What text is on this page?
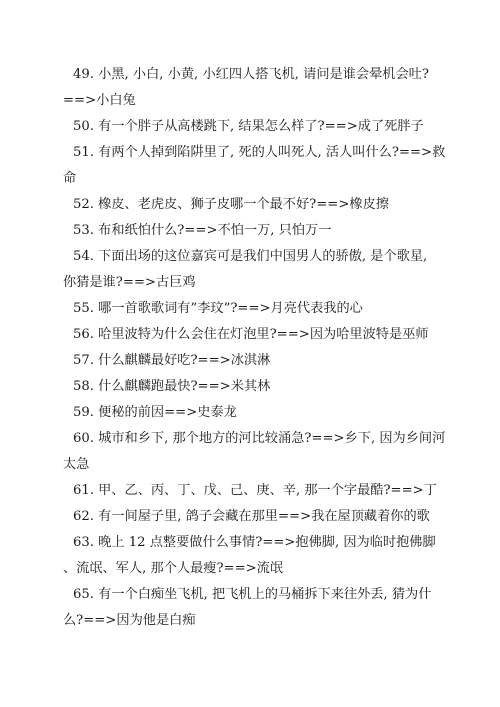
49. 小黑, 小白, 小黄, 小红四人搭飞机, 请问是谁会晕机会吐?
==>小白兔
50. 有一个胖子从高楼跳下, 结果怎么样了?==>成了死胖子
51. 有两个人掉到陷阱里了, 死的人叫死人, 活人叫什么?==>救
命
52. 橡皮、老虎皮、狮子皮哪一个最不好?==>橡皮擦
53. 布和纸怕什么?==>不怕一万, 只怕万一
54. 下面出场的这位嘉宾可是我们中国男人的骄傲, 是个歌星,
你猜是谁?==>古巨鸡
55. 哪一首歌歌词有”李玟”?==>月亮代表我的心
56. 哈里波特为什么会住在灯泡里?==>因为哈里波特是巫师
57. 什么麒麟最好吃?==>冰淇淋
58. 什么麒麟跑最快?==>米其林
59. 便秘的前因==>史泰龙
60. 城市和乡下, 那个地方的河比较涌急?==>乡下, 因为乡间河
太急
61. 甲、乙、丙、丁、戊、己、庚、辛, 那一个字最酷?==>丁
62. 有一间屋子里, 鸽子会藏在那里==>我在屋顶藏着你的歌
63. 晚上 12 点整要做什么事情?==>抱佛脚, 因为临时抱佛脚
、流氓、军人, 那个人最瘦?==>流氓
65. 有一个白痴坐飞机, 把飞机上的马桶拆下来往外丢, 猜为什
么?==>因为他是白痴
